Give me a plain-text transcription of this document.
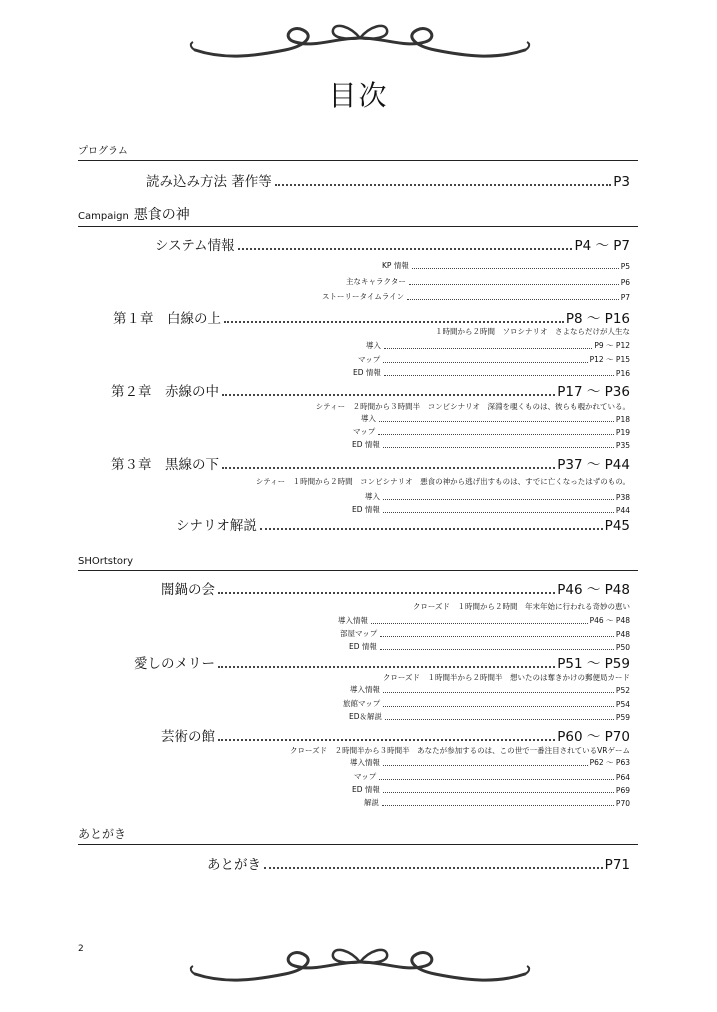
目次
プログラム
Campaign 悪食の神
SHOrtstory
あとがき
読み込み方法 著作等	P3
システム情報	P4 ～ P7
KP 情報	P5
主なキャラクター	P6
ストーリータイムライン	P7
第１章　白線の上	P8 ～ P16
１時間から２時間　ソロシナリオ　さよならだけが人生な
導入	P9 ～ P12
マップ	P12 ～ P15
ED 情報	P16
第２章　赤線の中	P17 ～ P36
シティー　２時間から３時間半　コンビシナリオ　深淵を覗くものは、彼らも覗かれている。
導入	P18
マップ	P19
ED 情報	P35
第３章　黒線の下	P37 ～ P44
シティー　１時間から２時間　コンビシナリオ　悪食の神から逃げ出すものは、すでに亡くなったはずのもの。
導入	P38
ED 情報	P44
シナリオ解説	P45
闇鍋の会	P46 ～ P48
クローズド　１時間から２時間　年末年始に行われる奇妙の恵い
導入情報	P46 ～ P48
部屋マップ	P48
ED 情報	P50
愛しのメリー	P51 ～ P59
クローズド　１時間半から２時間半　想いたのは奪きかけの郵便局カード
導入情報	P52
旅館マップ	P54
ED＆解説	P59
芸術の館	P60 ～ P70
クローズド　２時間半から３時間半　あなたが参加するのは、この世で一番注目されているVRゲーム
導入情報	P62 ～ P63
マップ	P64
ED 情報	P69
解説	P70
あとがき	P71
2
